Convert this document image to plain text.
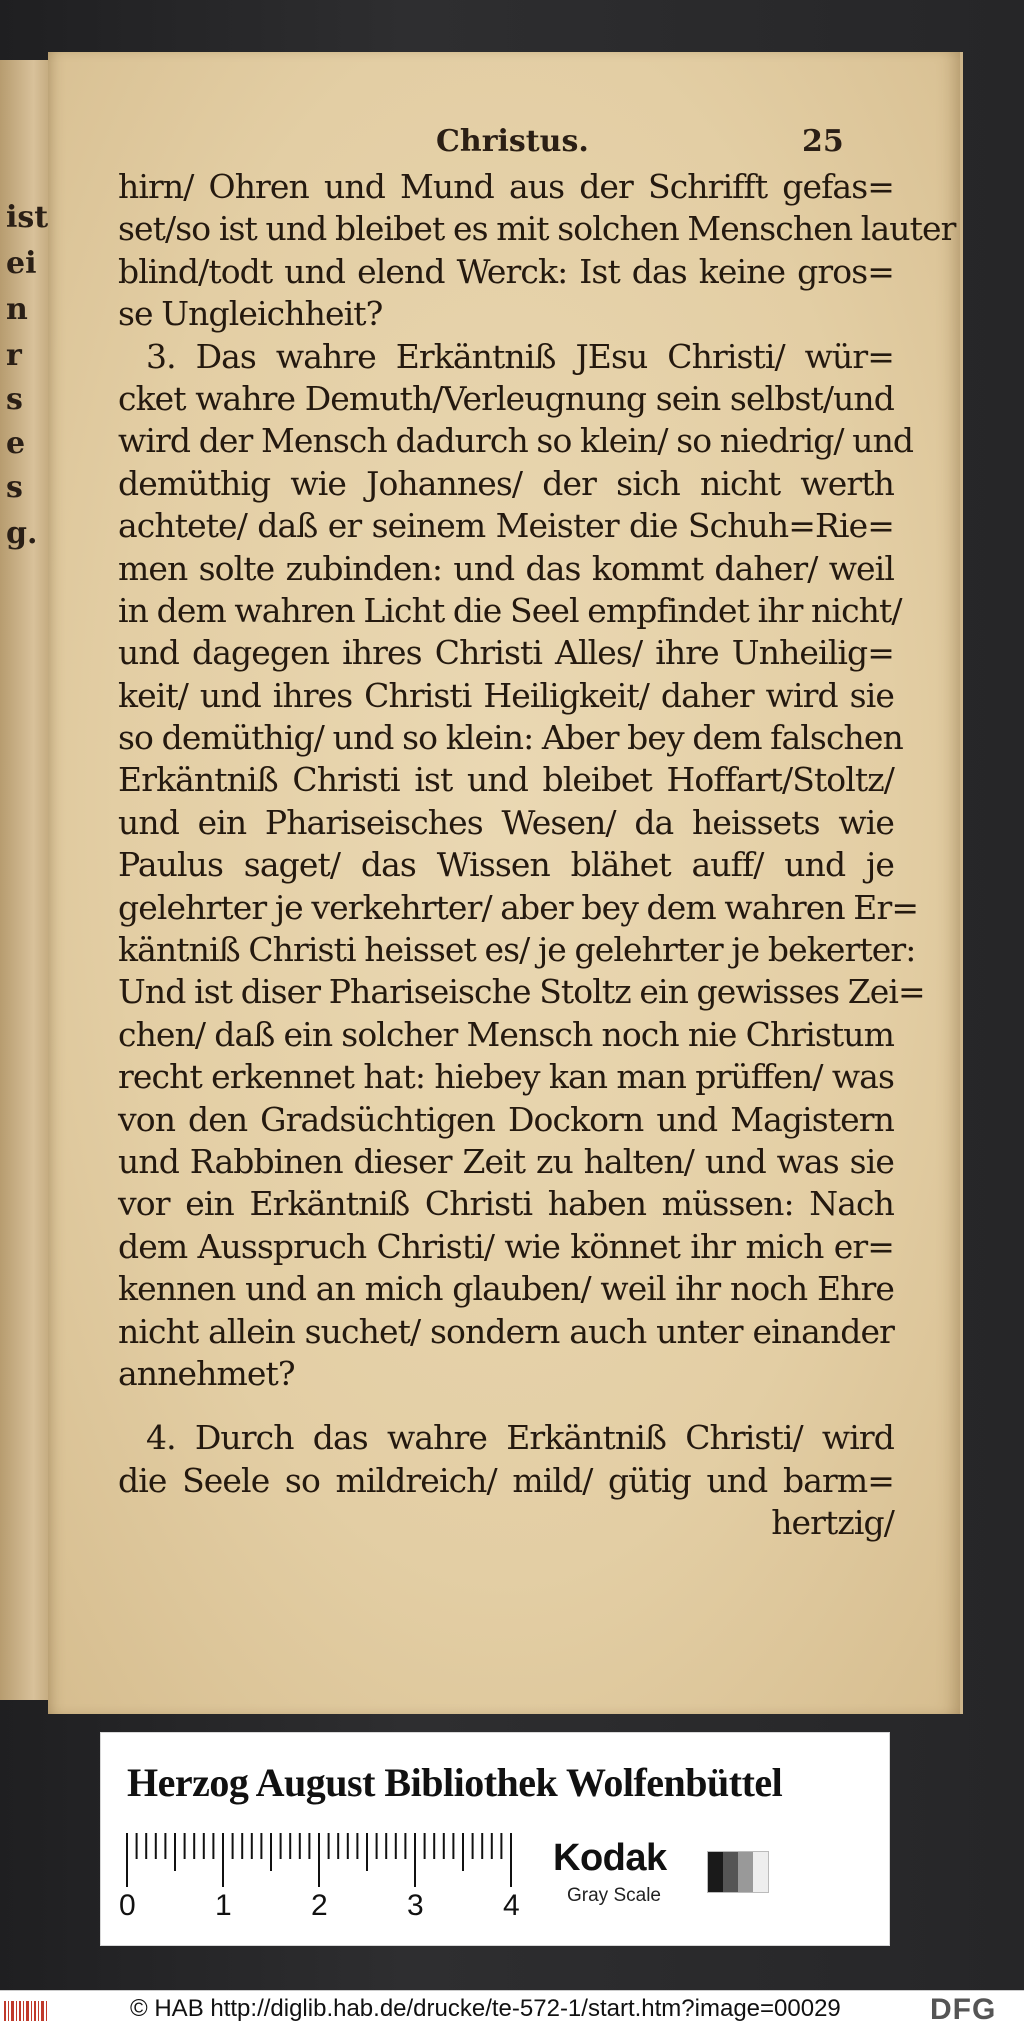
ist
ei
n
r
s
e
s
g.
Christus.	25
hirn/ Ohren und Mund aus der Schrifft gefas=
set/so ist und bleibet es mit solchen Menschen lauter
blind/todt und elend Werck: Ist das keine gros=
se Ungleichheit?
3. Das wahre Erkäntniß JEsu Christi/ wür=
cket wahre Demuth/Verleugnung sein selbst/und
wird der Mensch dadurch so klein/ so niedrig/ und
demüthig wie Johannes/ der sich nicht werth
achtete/ daß er seinem Meister die Schuh=Rie=
men solte zubinden: und das kommt daher/ weil
in dem wahren Licht die Seel empfindet ihr nicht/
und dagegen ihres Christi Alles/ ihre Unheilig=
keit/ und ihres Christi Heiligkeit/ daher wird sie
so demüthig/ und so klein: Aber bey dem falschen
Erkäntniß Christi ist und bleibet Hoffart/Stoltz/
und ein Phariseisches Wesen/ da heissets wie
Paulus saget/ das Wissen blähet auff/ und je
gelehrter je verkehrter/ aber bey dem wahren Er=
käntniß Christi heisset es/ je gelehrter je bekerter:
Und ist diser Phariseische Stoltz ein gewisses Zei=
chen/ daß ein solcher Mensch noch nie Christum
recht erkennet hat: hiebey kan man prüffen/ was
von den Gradsüchtigen Dockorn und Magistern
und Rabbinen dieser Zeit zu halten/ und was sie
vor ein Erkäntniß Christi haben müssen: Nach
dem Ausspruch Christi/ wie könnet ihr mich er=
kennen und an mich glauben/ weil ihr noch Ehre
nicht allein suchet/ sondern auch unter einander
annehmet?
4. Durch das wahre Erkäntniß Christi/ wird
die Seele so mildreich/ mild/ gütig und barm=
hertzig/
Herzog August Bibliothek Wolfenbüttel
0	1	2	3	4
Kodak
Gray Scale
© HAB http://diglib.hab.de/drucke/te-572-1/start.htm?image=00029	DFG
